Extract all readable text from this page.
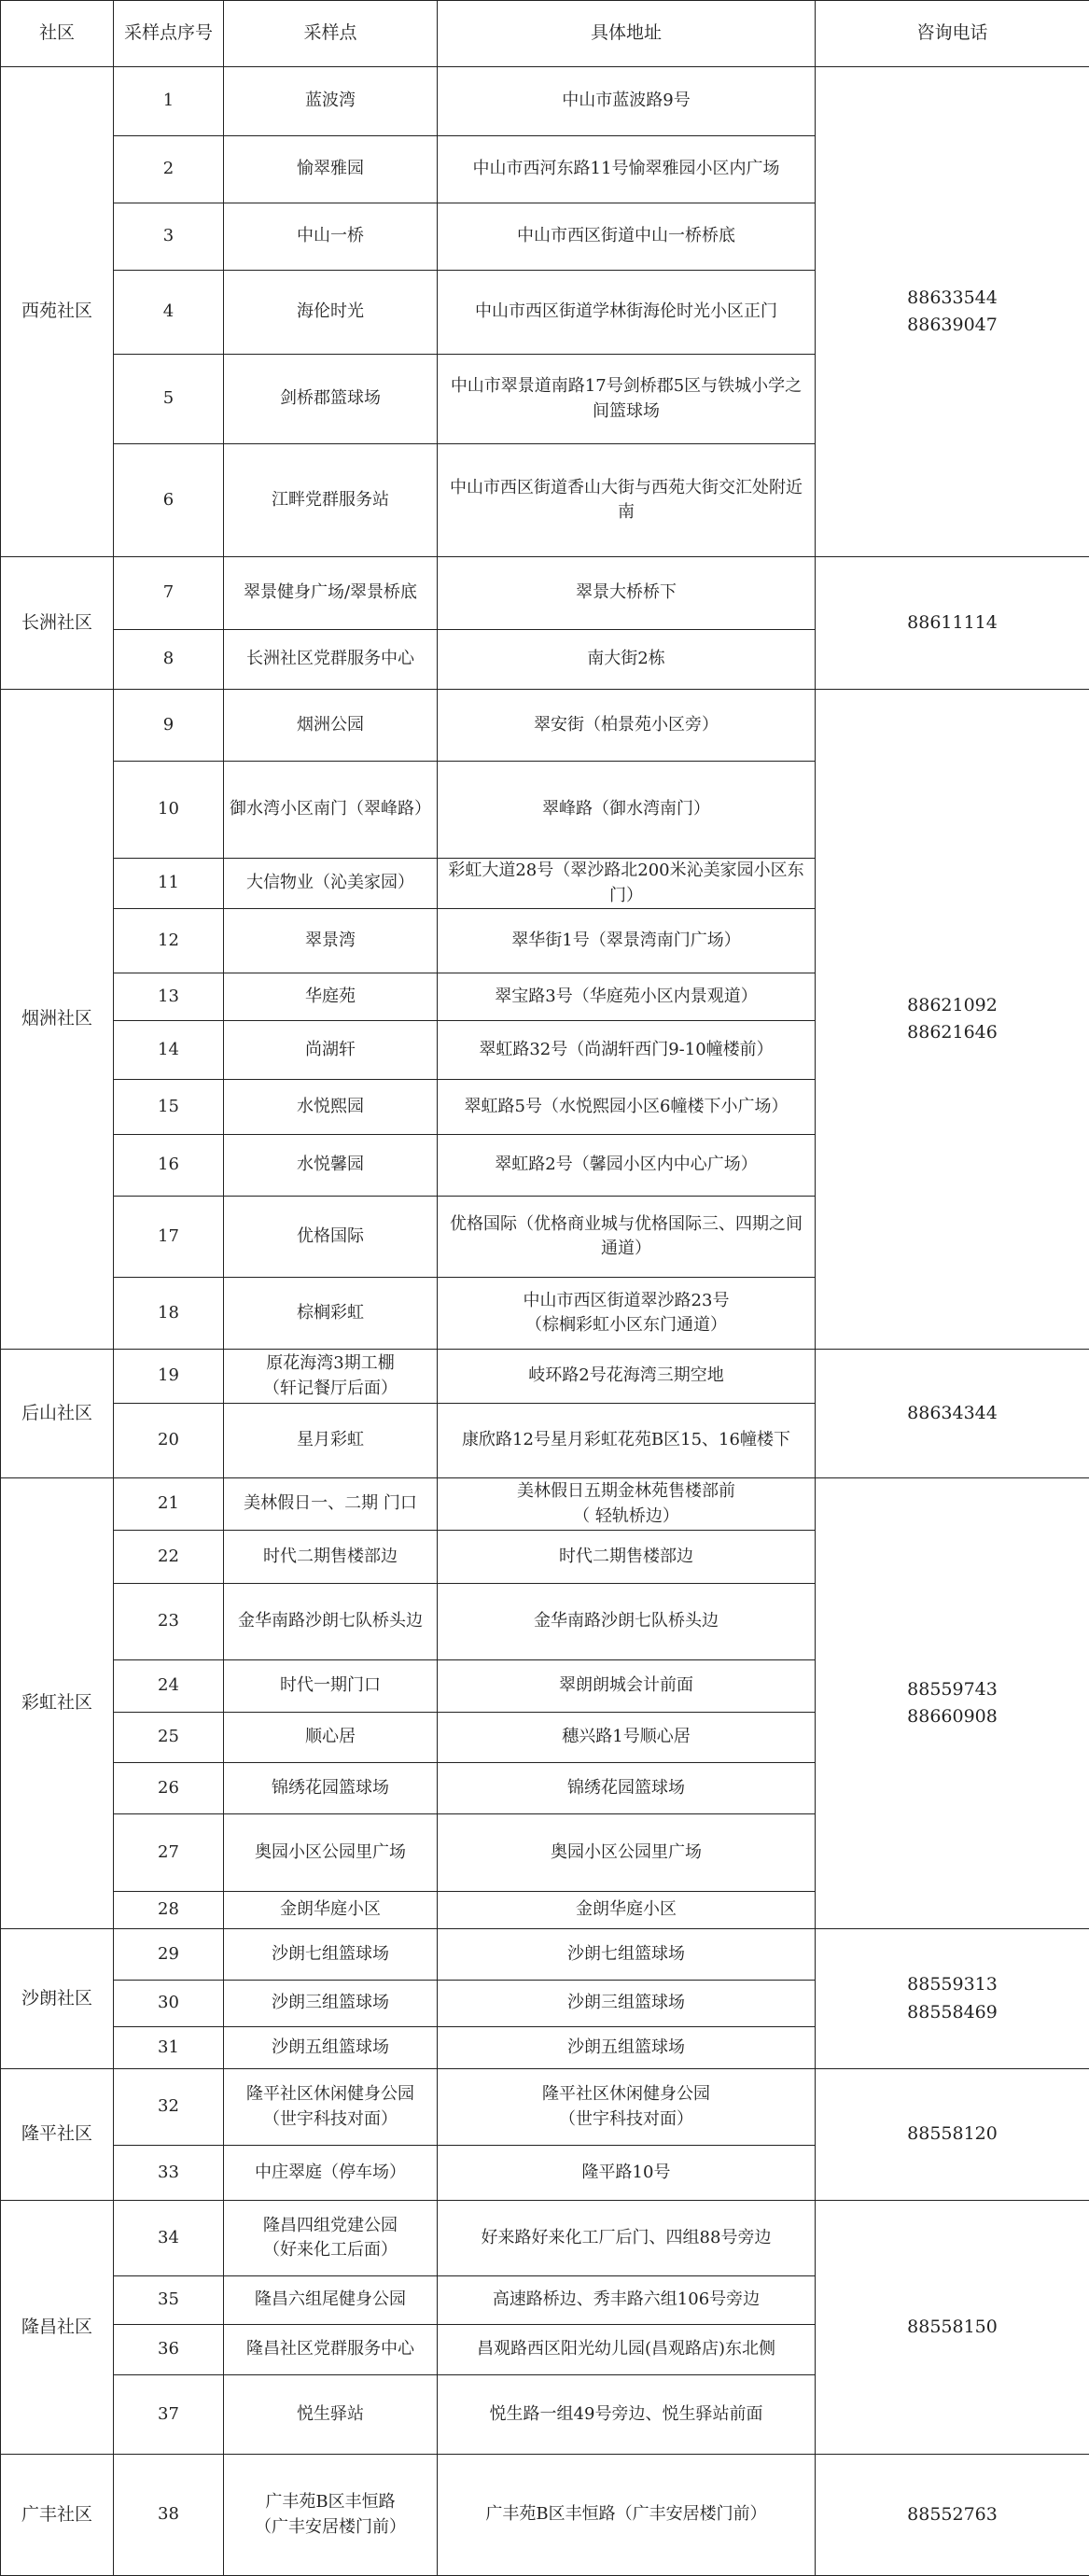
社区	采样点序号	采样点	具体地址	咨询电话
西苑社区	1	蓝波湾	中山市蓝波路9号	88633544
88639047

	2	愉翠雅园	中山市西河东路11号愉翠雅园小区内广场	

	3	中山一桥	中山市西区街道中山一桥桥底	

	4	海伦时光	中山市西区街道学林街海伦时光小区正门	

	5	剑桥郡篮球场	中山市翠景道南路17号剑桥郡5区与铁城小学之间篮球场	

	6	江畔党群服务站	中山市西区街道香山大街与西苑大街交汇处附近南	

长洲社区	7	翠景健身广场/翠景桥底	翠景大桥桥下	88611114

	8	长洲社区党群服务中心	南大街2栋	

烟洲社区	9	烟洲公园	翠安街（柏景苑小区旁）	88621092
88621646

	10	御水湾小区南门（翠峰路）	翠峰路（御水湾南门）	

	11	大信物业（沁美家园）	彩虹大道28号（翠沙路北200米沁美家园小区东门）	

	12	翠景湾	翠华街1号（翠景湾南门广场）	

	13	华庭苑	翠宝路3号（华庭苑小区内景观道）	

	14	尚湖轩	翠虹路32号（尚湖轩西门9-10幢楼前）	

	15	水悦熙园	翠虹路5号（水悦熙园小区6幢楼下小广场）	

	16	水悦馨园	翠虹路2号（馨园小区内中心广场）	

	17	优格国际	优格国际（优格商业城与优格国际三、四期之间通道）	

	18	棕榈彩虹	中山市西区街道翠沙路23号
（棕榈彩虹小区东门通道）	

后山社区	19	原花海湾3期工棚
（轩记餐厅后面）	岐环路2号花海湾三期空地	88634344

	20	星月彩虹	康欣路12号星月彩虹花苑B区15、16幢楼下	

彩虹社区	21	美林假日一、二期 门口	美林假日五期金林苑售楼部前
（ 轻轨桥边）	88559743
88660908

	22	时代二期售楼部边	时代二期售楼部边	

	23	金华南路沙朗七队桥头边	金华南路沙朗七队桥头边	

	24	时代一期门口	翠朗朗城会计前面	

	25	顺心居	穗兴路1号顺心居	

	26	锦绣花园篮球场	锦绣花园篮球场	

	27	奥园小区公园里广场	奥园小区公园里广场	

	28	金朗华庭小区	金朗华庭小区	

沙朗社区	29	沙朗七组篮球场	沙朗七组篮球场	88559313
88558469

	30	沙朗三组篮球场	沙朗三组篮球场	

	31	沙朗五组篮球场	沙朗五组篮球场	

隆平社区	32	隆平社区休闲健身公园
（世宇科技对面）	隆平社区休闲健身公园
（世宇科技对面）	88558120

	33	中庄翠庭（停车场）	隆平路10号	

隆昌社区	34	隆昌四组党建公园
（好来化工后面）	好来路好来化工厂后门、四组88号旁边	88558150

	35	隆昌六组尾健身公园	高速路桥边、秀丰路六组106号旁边	

	36	隆昌社区党群服务中心	昌观路西区阳光幼儿园(昌观路店)东北侧	

	37	悦生驿站	悦生路一组49号旁边、悦生驿站前面	

广丰社区	38	广丰苑B区丰恒路
（广丰安居楼门前）	广丰苑B区丰恒路（广丰安居楼门前）	88552763
